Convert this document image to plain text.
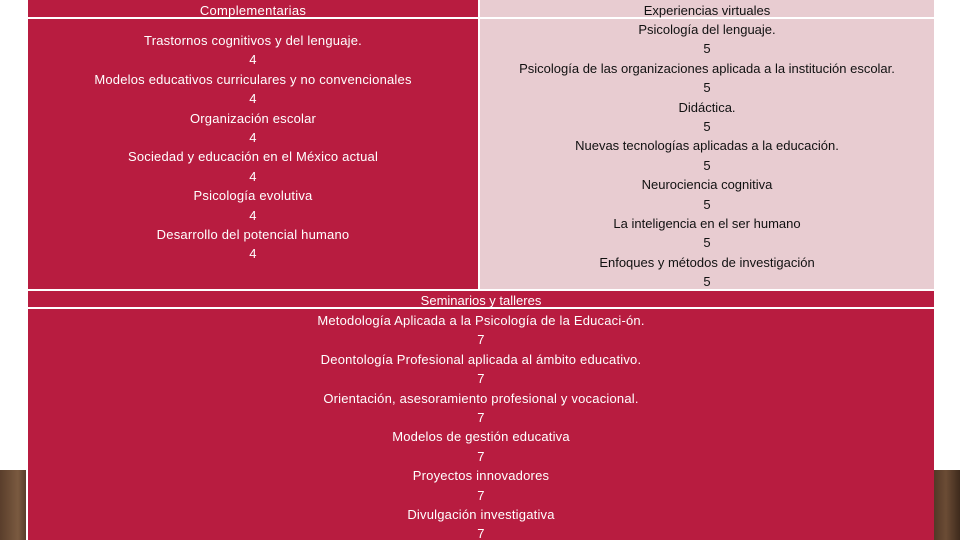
Complementarias	Experiencias virtuales
Trastornos cognitivos y del lenguaje.
4
Modelos educativos curriculares y no convencionales
4
Organización escolar
4
Sociedad y educación en el México actual
4
Psicología evolutiva
4
Desarrollo del potencial humano
4
Psicología del lenguaje.
5
Psicología de las organizaciones aplicada a la institución escolar.
5
Didáctica.
5
Nuevas tecnologías aplicadas a la educación.
5
Neurociencia cognitiva
5
La inteligencia en el ser humano
5
Enfoques y métodos de investigación
5
Seminarios y talleres
Metodología Aplicada a la Psicología de la Educaci-ón.
7
Deontología Profesional aplicada al ámbito educativo.
7
Orientación, asesoramiento profesional y vocacional.
7
Modelos de gestión educativa
7
Proyectos innovadores
7
Divulgación investigativa
7
